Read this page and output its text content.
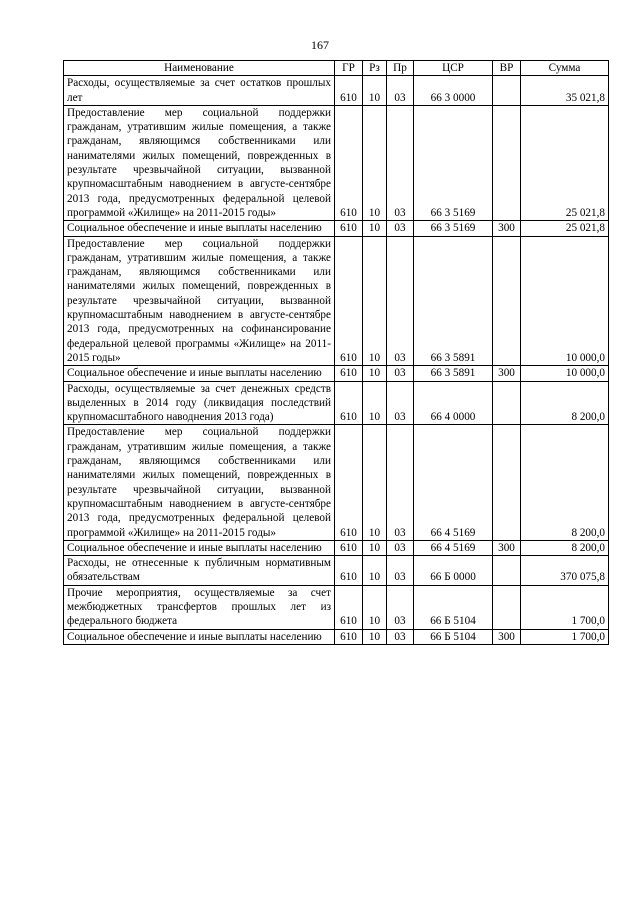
167
Наименование	ГР	Рз	Пр	ЦСР	ВР	Сумма
Расходы, осуществляемые за счет остатков прошлых лет	610	10	03	66 3 0000		35 021,8
Предоставление мер социальной поддержки гражданам, утратившим жилые помещения, а также гражданам, являющимся собственниками или нанимателями жилых помещений, поврежденных в результате чрезвычайной ситуации, вызванной крупномасштабным наводнением в августе-сентябре 2013 года, предусмотренных федеральной целевой программой «Жилище» на 2011-2015 годы»	610	10	03	66 3 5169		25 021,8
Социальное обеспечение и иные выплаты населению	610	10	03	66 3 5169	300	25 021,8
Предоставление мер социальной поддержки гражданам, утратившим жилые помещения, а также гражданам, являющимся собственниками или нанимателями жилых помещений, поврежденных в результате чрезвычайной ситуации, вызванной крупномасштабным наводнением в августе-сентябре 2013 года, предусмотренных на софинансирование федеральной целевой программы «Жилище» на 2011-2015 годы»	610	10	03	66 3 5891		10 000,0
Социальное обеспечение и иные выплаты населению	610	10	03	66 3 5891	300	10 000,0
Расходы, осуществляемые за счет денежных средств выделенных в 2014 году (ликвидация последствий крупномасштабного наводнения 2013 года)	610	10	03	66 4 0000		8 200,0
Предоставление мер социальной поддержки гражданам, утратившим жилые помещения, а также гражданам, являющимся собственниками или нанимателями жилых помещений, поврежденных в результате чрезвычайной ситуации, вызванной крупномасштабным наводнением в августе-сентябре 2013 года, предусмотренных федеральной целевой программой «Жилище» на 2011-2015 годы»	610	10	03	66 4 5169		8 200,0
Социальное обеспечение и иные выплаты населению	610	10	03	66 4 5169	300	8 200,0
Расходы, не отнесенные к публичным нормативным обязательствам	610	10	03	66 Б 0000		370 075,8
Прочие мероприятия, осуществляемые за счет межбюджетных трансфертов прошлых лет из федерального бюджета	610	10	03	66 Б 5104		1 700,0
Социальное обеспечение и иные выплаты населению	610	10	03	66 Б 5104	300	1 700,0
